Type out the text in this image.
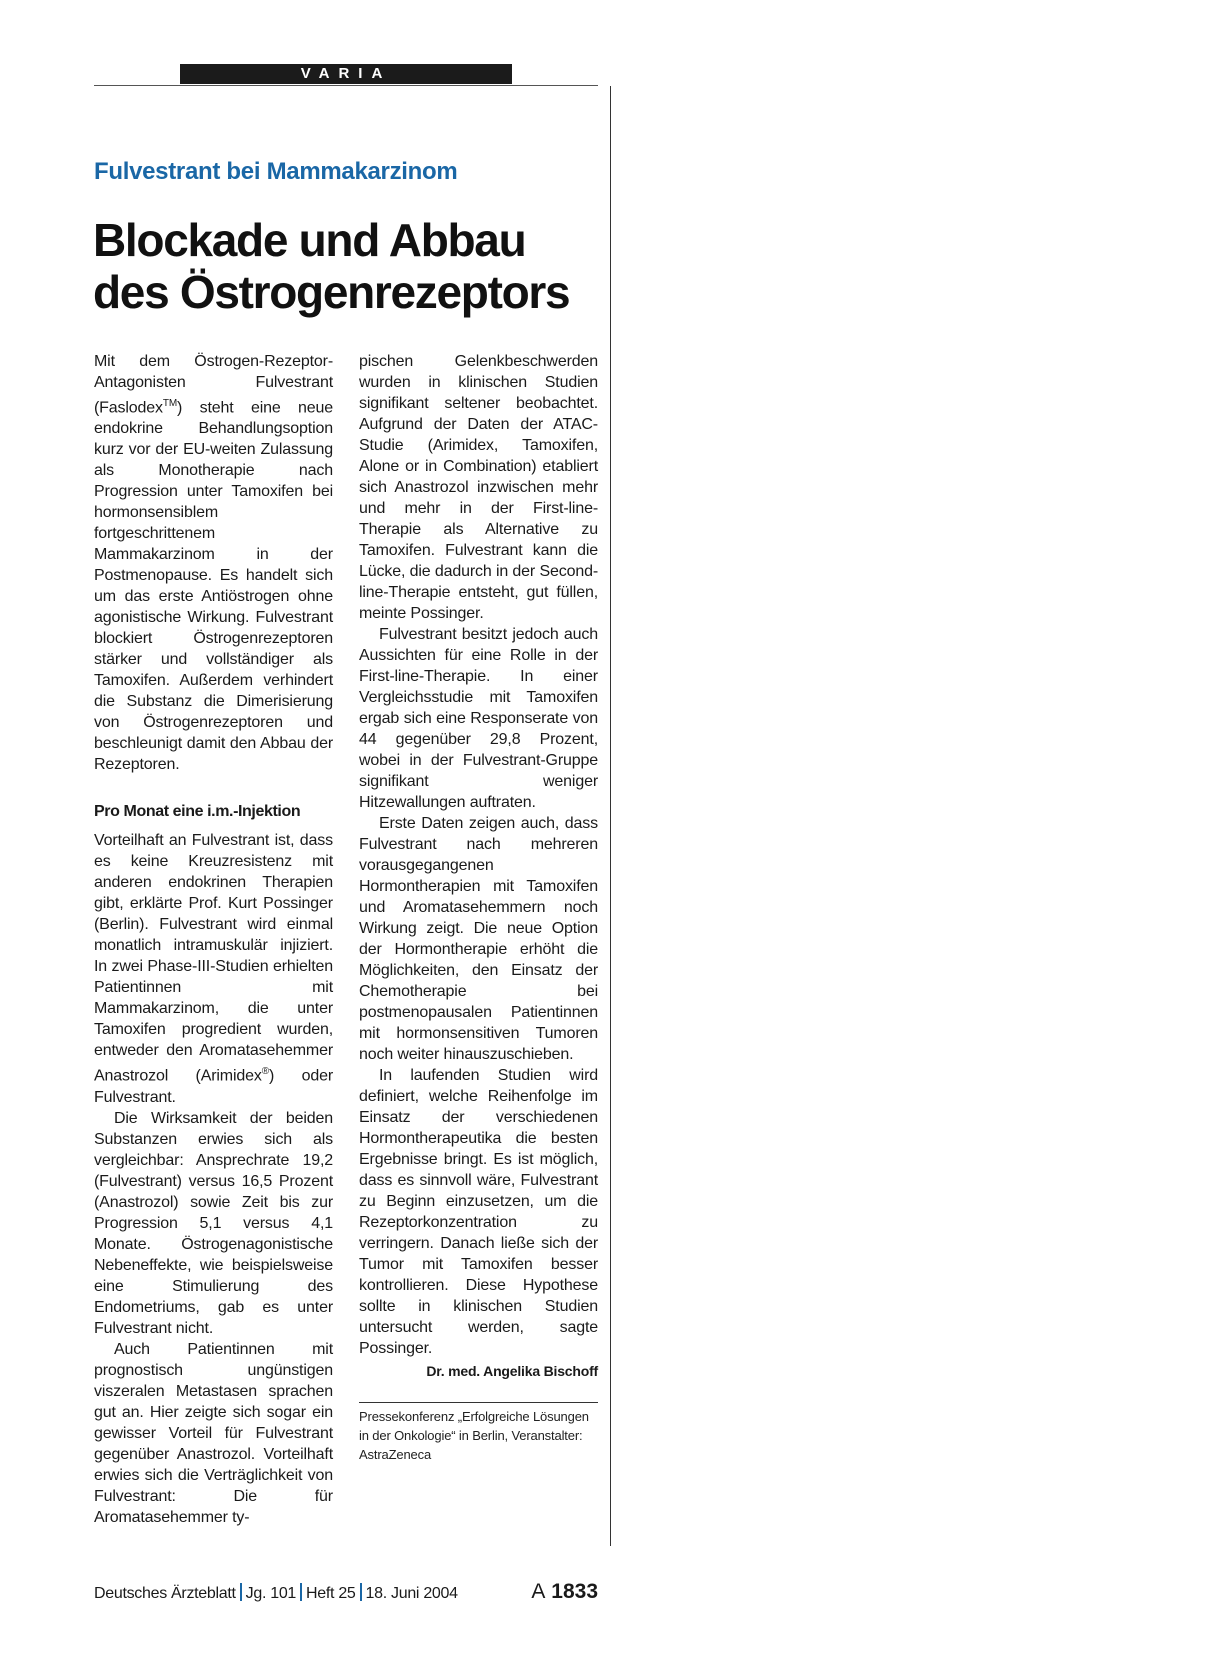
VARIA
Fulvestrant bei Mammakarzinom
Blockade und Abbau
des Östrogenrezeptors

Mit dem Östrogen-Rezeptor-Antagonisten Fulvestrant (Faslodex™) steht eine neue endokrine Behandlungsoption kurz vor der EU-weiten Zulassung als Monotherapie nach Progression unter Tamoxifen bei hormonsensiblem fortgeschrittenem Mammakarzinom in der Postmenopause. Es handelt sich um das erste Antiöstrogen ohne agonistische Wirkung. Fulvestrant blockiert Östrogenrezeptoren stärker und vollständiger als Tamoxifen. Außerdem verhindert die Substanz die Dimerisierung von Östrogenrezeptoren und beschleunigt damit den Abbau der Rezeptoren.

Pro Monat eine i.m.-Injektion

Vorteilhaft an Fulvestrant ist, dass es keine Kreuzresistenz mit anderen endokrinen Therapien gibt, erklärte Prof. Kurt Possinger (Berlin). Fulvestrant wird einmal monatlich intramuskulär injiziert. In zwei Phase-III-Studien erhielten Patientinnen mit Mammakarzinom, die unter Tamoxifen progredient wurden, entweder den Aromatasehemmer Anastrozol (Arimidex®) oder Fulvestrant.

Die Wirksamkeit der beiden Substanzen erwies sich als vergleichbar: Ansprechrate 19,2 (Fulvestrant) versus 16,5 Prozent (Anastrozol) sowie Zeit bis zur Progression 5,1 versus 4,1 Monate. Östrogenagonistische Nebeneffekte, wie beispielsweise eine Stimulierung des Endometriums, gab es unter Fulvestrant nicht.

Auch Patientinnen mit prognostisch ungünstigen viszeralen Metastasen sprachen gut an. Hier zeigte sich sogar ein gewisser Vorteil für Fulvestrant gegenüber Anastrozol. Vorteilhaft erwies sich die Verträglichkeit von Fulvestrant: Die für Aromatasehemmer ty-

pischen Gelenkbeschwerden wurden in klinischen Studien signifikant seltener beobachtet. Aufgrund der Daten der ATAC-Studie (Arimidex, Tamoxifen, Alone or in Combination) etabliert sich Anastrozol inzwischen mehr und mehr in der First-line-Therapie als Alternative zu Tamoxifen. Fulvestrant kann die Lücke, die dadurch in der Second-line-Therapie entsteht, gut füllen, meinte Possinger.

Fulvestrant besitzt jedoch auch Aussichten für eine Rolle in der First-line-Therapie. In einer Vergleichsstudie mit Tamoxifen ergab sich eine Responserate von 44 gegenüber 29,8 Prozent, wobei in der Fulvestrant-Gruppe signifikant weniger Hitzewallungen auftraten.

Erste Daten zeigen auch, dass Fulvestrant nach mehreren vorausgegangenen Hormontherapien mit Tamoxifen und Aromatasehemmern noch Wirkung zeigt. Die neue Option der Hormontherapie erhöht die Möglichkeiten, den Einsatz der Chemotherapie bei postmenopausalen Patientinnen mit hormonsensitiven Tumoren noch weiter hinauszuschieben.

In laufenden Studien wird definiert, welche Reihenfolge im Einsatz der verschiedenen Hormontherapeutika die besten Ergebnisse bringt. Es ist möglich, dass es sinnvoll wäre, Fulvestrant zu Beginn einzusetzen, um die Rezeptorkonzentration zu verringern. Danach ließe sich der Tumor mit Tamoxifen besser kontrollieren. Diese Hypothese sollte in klinischen Studien untersucht werden, sagte Possinger.

Dr. med. Angelika Bischoff
Pressekonferenz „Erfolgreiche Lösungen in der Onkologie“ in Berlin, Veranstalter: AstraZeneca
Deutsches Ärzteblatt Jg. 101 Heft 25 18. Juni 2004	A 1833
